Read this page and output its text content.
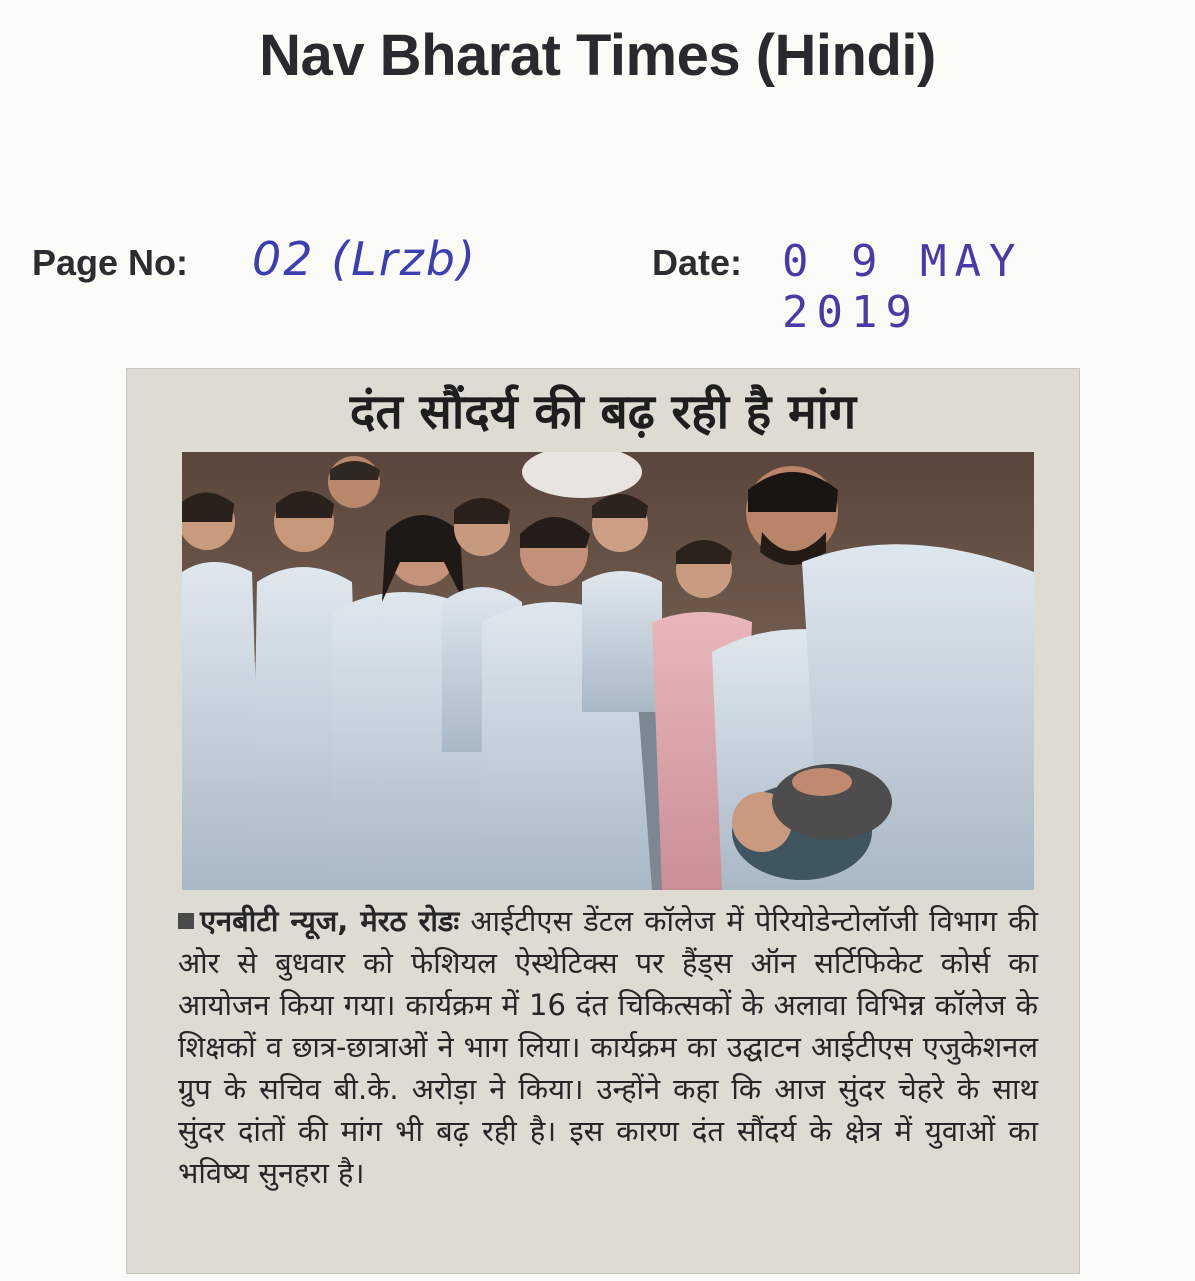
Nav Bharat Times (Hindi)
Page No: 02 (Lrzb)	Date: 0 9 MAY 2019
दंत सौंदर्य की बढ़ रही है मांग
एनबीटी न्यूज, मेरठ रोडः आईटीएस डेंटल कॉलेज में पेरियोडेन्टोलॉजी विभाग की ओर से बुधवार को फेशियल ऐस्थेटिक्स पर हैंड्स ऑन सर्टिफिकेट कोर्स का आयोजन किया गया। कार्यक्रम में 16 दंत चिकित्सकों के अलावा विभिन्न कॉलेज के शिक्षकों व छात्र-छात्राओं ने भाग लिया। कार्यक्रम का उद्घाटन आईटीएस एजुकेशनल ग्रुप के सचिव बी.के. अरोड़ा ने किया। उन्होंने कहा कि आज सुंदर चेहरे के साथ सुंदर दांतों की मांग भी बढ़ रही है। इस कारण दंत सौंदर्य के क्षेत्र में युवाओं का भविष्य सुनहरा है।
